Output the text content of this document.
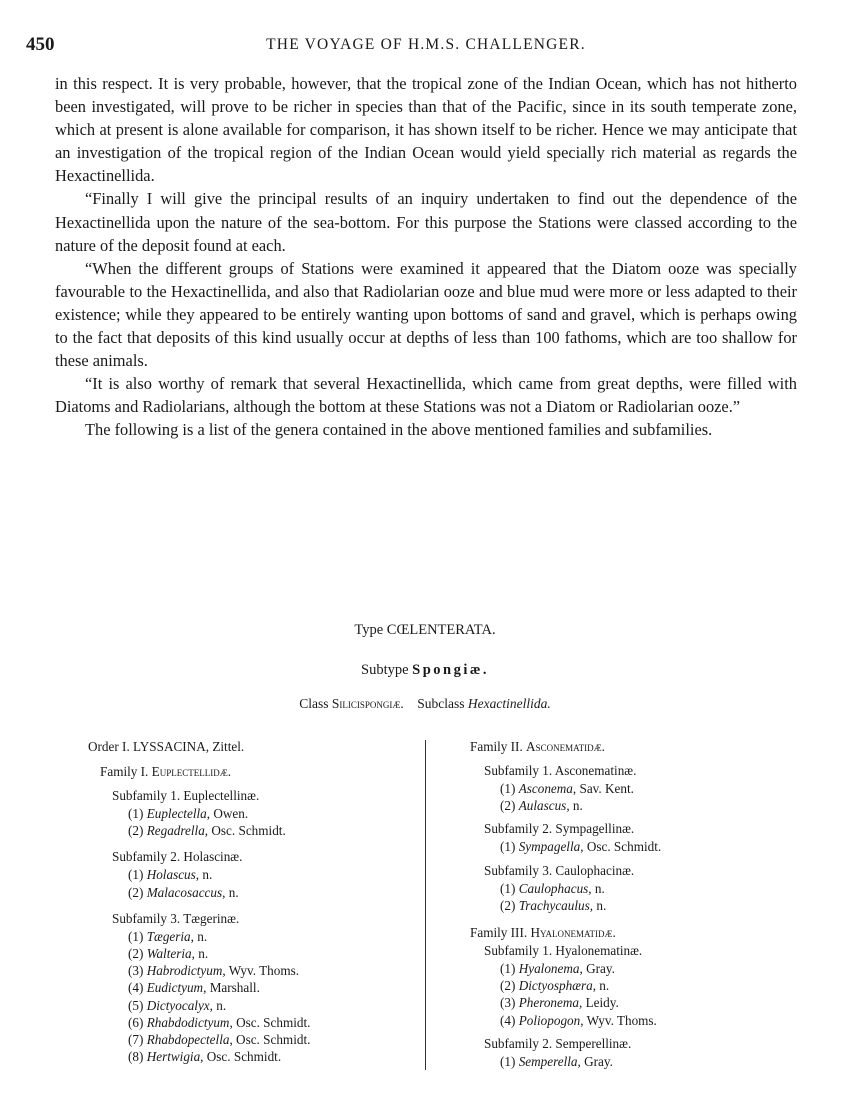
450	THE VOYAGE OF H.M.S. CHALLENGER.

in this respect. It is very probable, however, that the tropical zone of the Indian Ocean, which has not hitherto been investigated, will prove to be richer in species than that of the Pacific, since in its south temperate zone, which at present is alone available for comparison, it has shown itself to be richer. Hence we may anticipate that an investigation of the tropical region of the Indian Ocean would yield specially rich material as regards the Hexactinellida.

“Finally I will give the principal results of an inquiry undertaken to find out the dependence of the Hexactinellida upon the nature of the sea-bottom. For this purpose the Stations were classed according to the nature of the deposit found at each.

“When the different groups of Stations were examined it appeared that the Diatom ooze was specially favourable to the Hexactinellida, and also that Radiolarian ooze and blue mud were more or less adapted to their existence; while they appeared to be entirely wanting upon bottoms of sand and gravel, which is perhaps owing to the fact that deposits of this kind usually occur at depths of less than 100 fathoms, which are too shallow for these animals.

“It is also worthy of remark that several Hexactinellida, which came from great depths, were filled with Diatoms and Radiolarians, although the bottom at these Stations was not a Diatom or Radiolarian ooze.”

The following is a list of the genera contained in the above mentioned families and subfamilies.

Type CŒLENTERATA.
Subtype Spongiæ.
Class Silicispongiæ. Subclass Hexactinellida.
Order I. LYSSACINA, Zittel.
Family I. Euplectellidæ.
Subfamily 1. Euplectellinæ.
(1) Euplectella, Owen.
(2) Regadrella, Osc. Schmidt.
Subfamily 2. Holascinæ.
(1) Holascus, n.
(2) Malacosaccus, n.
Subfamily 3. Tægerinæ.
(1) Tægeria, n.
(2) Walteria, n.
(3) Habrodictyum, Wyv. Thoms.
(4) Eudictyum, Marshall.
(5) Dictyocalyx, n.
(6) Rhabdodictyum, Osc. Schmidt.
(7) Rhabdopectella, Osc. Schmidt.
(8) Hertwigia, Osc. Schmidt.
Family II. Asconematidæ.
Subfamily 1. Asconematinæ.
(1) Asconema, Sav. Kent.
(2) Aulascus, n.
Subfamily 2. Sympagellinæ.
(1) Sympagella, Osc. Schmidt.
Subfamily 3. Caulophacinæ.
(1) Caulophacus, n.
(2) Trachycaulus, n.
Family III. Hyalonematidæ.
Subfamily 1. Hyalonematinæ.
(1) Hyalonema, Gray.
(2) Dictyosphæra, n.
(3) Pheronema, Leidy.
(4) Poliopogon, Wyv. Thoms.
Subfamily 2. Semperellinæ.
(1) Semperella, Gray.
